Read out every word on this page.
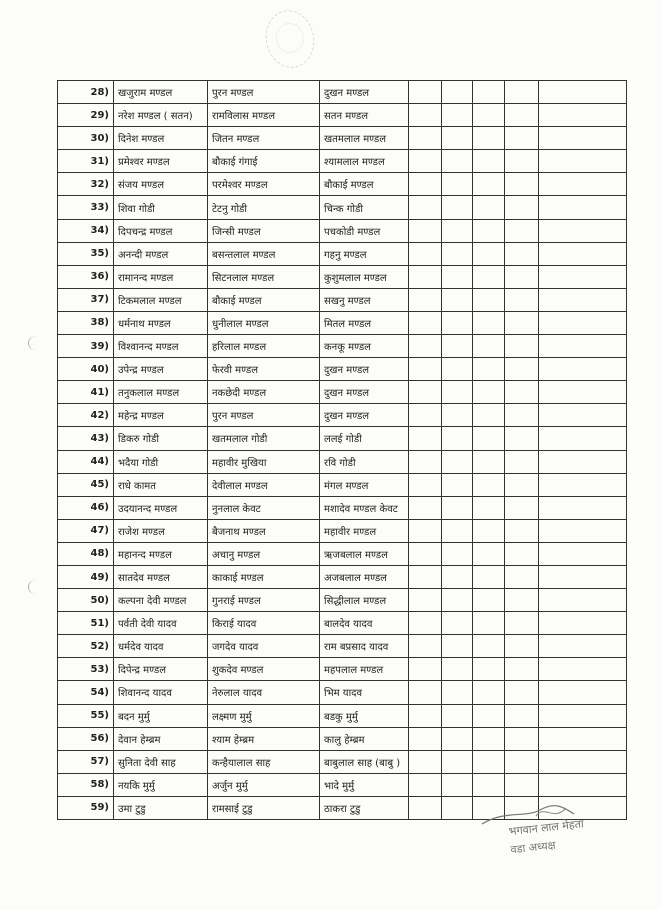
28)	खजुराम मण्डल	पुरन मण्डल	दुखन मण्डल					
29)	नरेश मण्डल ( सतन)	रामविलास मण्डल	सतन मण्डल					
30)	दिनेश मण्डल	जितन मण्डल	खतमलाल मण्डल					
31)	प्रमेश्वर मण्डल	बौकाई गंगाई	श्यामलाल मण्डल					
32)	संजय मण्डल	परमेश्वर मण्डल	बौकाई मण्डल					
33)	शिवा गोडी	टेटनु गोडी	चिन्क गोडी					
34)	दिपचन्द्र मण्डल	जिन्सी मण्डल	पचकोडी मण्डल					
35)	अनन्दी मण्डल	बसन्तलाल मण्डल	गहनु मण्डल					
36)	रामानन्द मण्डल	सिटनलाल मण्डल	कुशुमलाल मण्डल					
37)	टिकमलाल मण्डल	बौकाई मण्डल	सखनु मण्डल					
38)	धर्मनाथ मण्डल	धुनीलाल मण्डल	मितल मण्डल					
39)	विश्वानन्द मण्डल	हरिलाल मण्डल	कनकू मण्डल					
40)	उपेन्द्र मण्डल	फेरवी मण्डल	दुखन मण्डल					
41)	तनुकलाल मण्डल	नकछेदी मण्डल	दुखन मण्डल					
42)	महेन्द्र मण्डल	पुरन मण्डल	दुखन मण्डल					
43)	डिकरु गोडी	खतमलाल गोडी	ललई गोडी					
44)	भदैया गोडी	महावीर मुखिया	रवि गोडी					
45)	राधे कामत	देवीलाल मण्डल	मंगल मण्डल					
46)	उदयानन्द मण्डल	नुनलाल केवट	मशादेव मण्डल केवट					
47)	राजेश मण्डल	बैजनाथ मण्डल	महावीर मण्डल					
48)	महानन्द मण्डल	अचानु मण्डल	ऋजबलाल मण्डल					
49)	सातदेव मण्डल	काकाई मण्डल	अजबलाल मण्डल					
50)	कल्पना देवी मण्डल	गुनराई मण्डल	सिद्धीलाल मण्डल					
51)	पर्वती देवी यादव	किराई यादव	बालदेव यादव					
52)	धर्मदेव यादव	जगदेव यादव	राम बप्रसाद यादव					
53)	दिपेन्द्र मण्डल	शुकदेव मण्डल	महपलाल मण्डल					
54)	शिवानन्द यादव	नेरुलाल यादव	भिम यादव					
55)	बदन मुर्मु	लक्ष्मण मुर्मु	बडकु मुर्मु					
56)	देवान हेम्ब्रम	श्याम हेम्ब्रम	कालु हेम्ब्रम					
57)	सुनिता देवी साह	कन्हैयालाल साह	बाबुलाल साह (बाबु )					
58)	नयकि मुर्मु	अर्जुन मुर्मु	भादे मुर्मु					
59)	उमा टुडु	रामसाई टुडु	ठाकरा टुडु					
भगवान लाल मेहता
वडा अध्यक्ष
